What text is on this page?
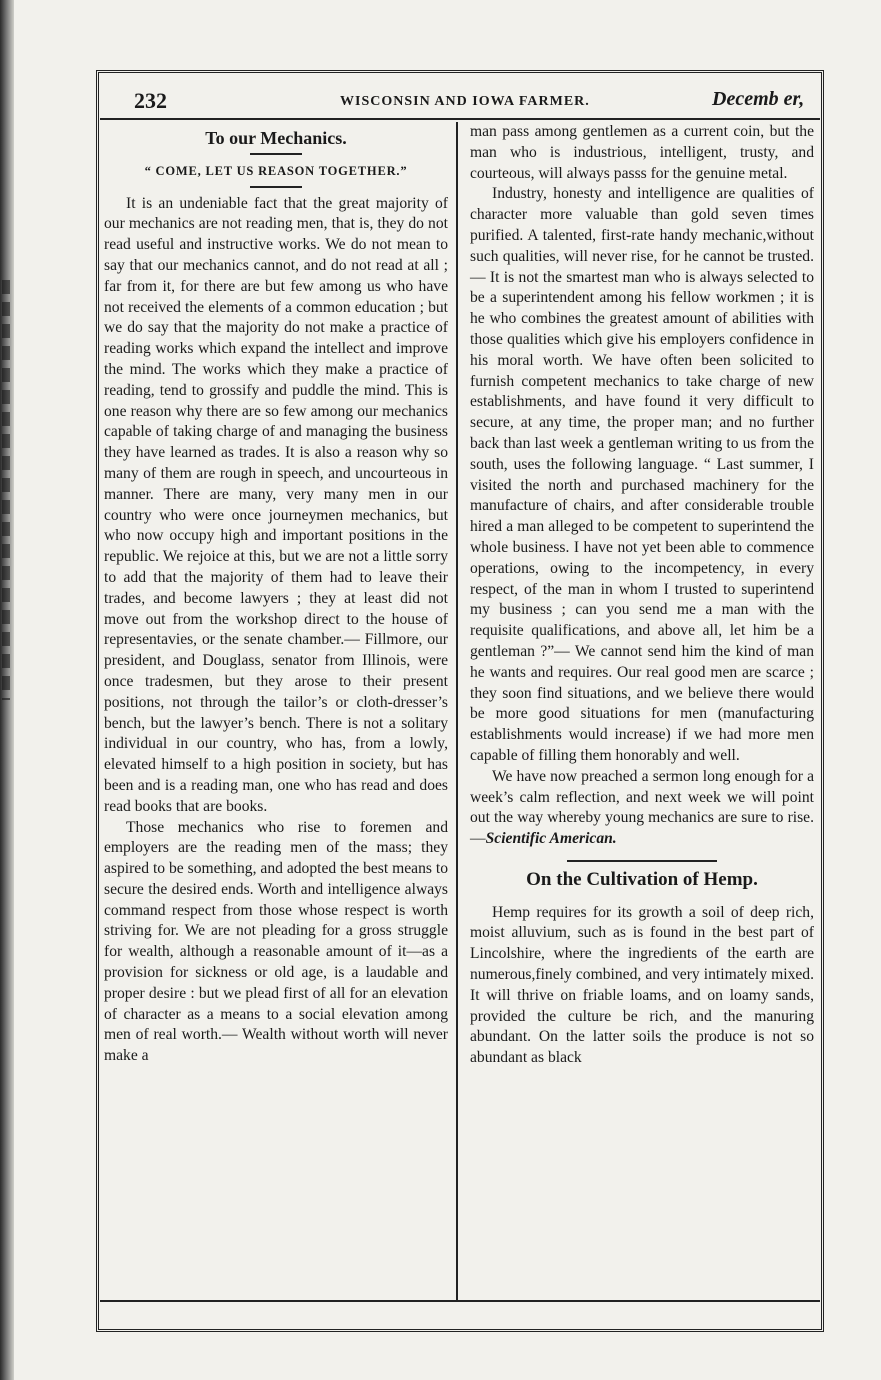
232	WISCONSIN AND IOWA FARMER.	Decemb er,
To our Mechanics.
“ COME, LET US REASON TOGETHER.”

It is an undeniable fact that the great majority of our mechanics are not reading men, that is, they do not read useful and instructive works. We do not mean to say that our mechanics cannot, and do not read at all ; far from it, for there are but few among us who have not received the elements of a common education ; but we do say that the majority do not make a practice of reading works which expand the intellect and improve the mind. The works which they make a practice of reading, tend to grossify and puddle the mind. This is one reason why there are so few among our mechanics capable of taking charge of and managing the business they have learned as trades. It is also a reason why so many of them are rough in speech, and uncourteous in manner. There are many, very many men in our country who were once journeymen mechanics, but who now occupy high and important positions in the republic. We rejoice at this, but we are not a little sorry to add that the majority of them had to leave their trades, and become lawyers ; they at least did not move out from the workshop direct to the house of representavies, or the senate chamber.— Fillmore, our president, and Douglass, senator from Illinois, were once tradesmen, but they arose to their present positions, not through the tailor’s or cloth-dresser’s bench, but the lawyer’s bench. There is not a solitary individual in our country, who has, from a lowly, elevated himself to a high position in society, but has been and is a reading man, one who has read and does read books that are books.

Those mechanics who rise to foremen and employers are the reading men of the mass; they aspired to be something, and adopted the best means to secure the desired ends. Worth and intelligence always command respect from those whose respect is worth striving for. We are not pleading for a gross struggle for wealth, although a reasonable amount of it—as a provision for sickness or old age, is a laudable and proper desire : but we plead first of all for an elevation of character as a means to a social elevation among men of real worth.— Wealth without worth will never make a

man pass among gentlemen as a current coin, but the man who is industrious, intelligent, trusty, and courteous, will always passs for the genuine metal.

Industry, honesty and intelligence are qualities of character more valuable than gold seven times purified. A talented, first-rate handy mechanic,without such qualities, will never rise, for he cannot be trusted.— It is not the smartest man who is always selected to be a superintendent among his fellow workmen ; it is he who combines the greatest amount of abilities with those qualities which give his employers confidence in his moral worth. We have often been solicited to furnish competent mechanics to take charge of new establishments, and have found it very difficult to secure, at any time, the proper man; and no further back than last week a gentleman writing to us from the south, uses the following language. “ Last summer, I visited the north and purchased machinery for the manufacture of chairs, and after considerable trouble hired a man alleged to be competent to superintend the whole business. I have not yet been able to commence operations, owing to the incompetency, in every respect, of the man in whom I trusted to superintend my business ; can you send me a man with the requisite qualifications, and above all, let him be a gentleman ?”— We cannot send him the kind of man he wants and requires. Our real good men are scarce ; they soon find situations, and we believe there would be more good situations for men (manufacturing establishments would increase) if we had more men capable of filling them honorably and well.

We have now preached a sermon long enough for a week’s calm reflection, and next week we will point out the way whereby young mechanics are sure to rise.—Scientific American.

On the Cultivation of Hemp.

Hemp requires for its growth a soil of deep rich, moist alluvium, such as is found in the best part of Lincolshire, where the ingredients of the earth are numerous,finely combined, and very intimately mixed. It will thrive on friable loams, and on loamy sands, provided the culture be rich, and the manuring abundant. On the latter soils the produce is not so abundant as black
